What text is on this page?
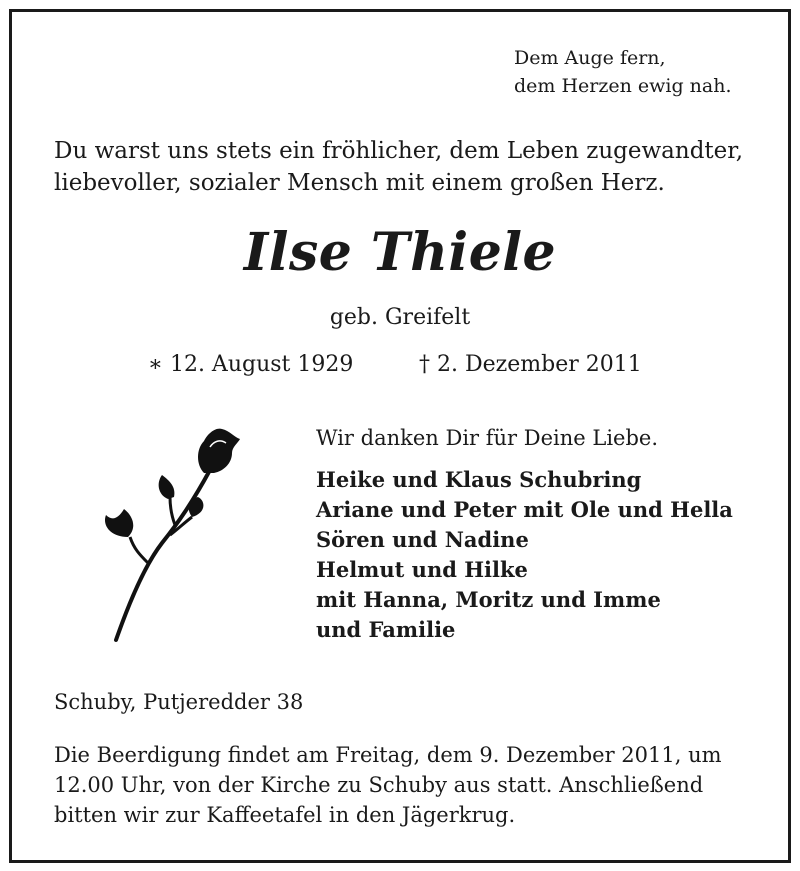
Dem Auge fern,
dem Herzen ewig nah.
Du warst uns stets ein fröhlicher, dem Leben zugewandter,
liebevoller, sozialer Mensch mit einem großen Herz.
Ilse Thiele
geb. Greifelt
∗ 12. August 1929	† 2. Dezember 2011
Wir danken Dir für Deine Liebe.
Heike und Klaus Schubring
Ariane und Peter mit Ole und Hella
Sören und Nadine
Helmut und Hilke
mit Hanna, Moritz und Imme
und Familie
Schuby, Putjeredder 38
Die Beerdigung findet am Freitag, dem 9. Dezember 2011, um
12.00 Uhr, von der Kirche zu Schuby aus statt. Anschließend
bitten wir zur Kaffeetafel in den Jägerkrug.
